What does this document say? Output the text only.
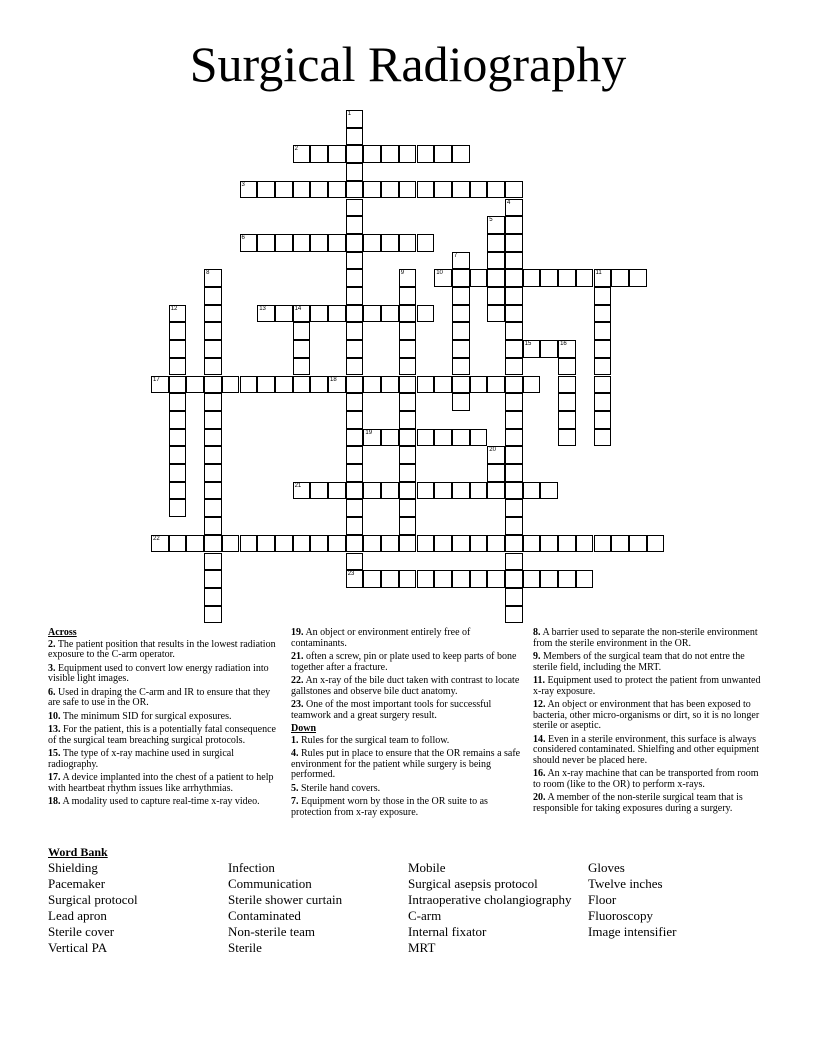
Surgical Radiography
1
23
2
3
4
5
6
7
8	9	10	11
12	13	14
15	16
17	18
19
20
21
22
Across
2. The patient position that results in the lowest radiation exposure to the C-arm operator.
3. Equipment used to convert low energy radiation into visible light images.
6. Used in draping the C-arm and IR to ensure that they are safe to use in the OR.
10. The minimum SID for surgical exposures.
13. For the patient, this is a potentially fatal consequence of the surgical team breaching surgical protocols.
15. The type of x-ray machine used in surgical radiography.
17. A device implanted into the chest of a patient to help with heartbeat rhythm issues like arrhythmias.
18. A modality used to capture real-time x-ray video.
19. An object or environment entirely free of contaminants.
21. often a screw, pin or plate used to keep parts of bone together after a fracture.
22. An x-ray of the bile duct taken with contrast to locate gallstones and observe bile duct anatomy.
23. One of the most important tools for successful teamwork and a great surgery result.
Down
1. Rules for the surgical team to follow.
4. Rules put in place to ensure that the OR remains a safe environment for the patient while surgery is being performed.
5. Sterile hand covers.
7. Equipment worn by those in the OR suite to as protection from x-ray exposure.
8. A barrier used to separate the non-sterile environment from the sterile environment in the OR.
9. Members of the surgical team that do not entre the sterile field, including the MRT.
11. Equipment used to protect the patient from unwanted x-ray exposure.
12. An object or environment that has been exposed to bacteria, other micro-organisms or dirt, so it is no longer sterile or aseptic.
14. Even in a sterile environment, this surface is always considered contaminated. Shielfing and other equipment should never be placed here.
16. An x-ray machine that can be transported from room to room (like to the OR) to perform x-rays.
20. A member of the non-sterile surgical team that is responsible for taking exposures during a surgery.
Word Bank
Shielding
Pacemaker
Surgical protocol
Lead apron
Sterile cover
Vertical PA
Infection
Communication
Sterile shower curtain
Contaminated
Non-sterile team
Sterile
Mobile
Surgical asepsis protocol
Intraoperative cholangiography
C-arm
Internal fixator
MRT
Gloves
Twelve inches
Floor
Fluoroscopy
Image intensifier
